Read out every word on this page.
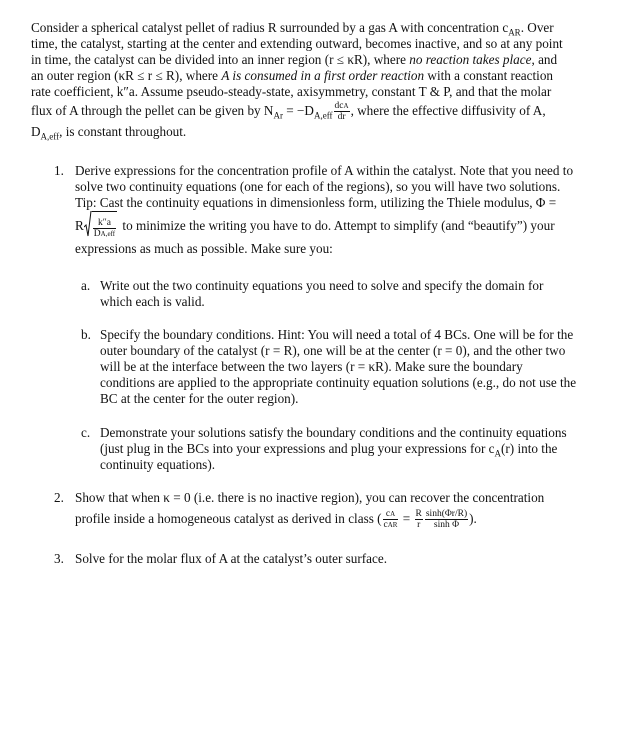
Consider a spherical catalyst pellet of radius R surrounded by a gas A with concentration $c_{AR}$. Over
time, the catalyst, starting at the center and extending outward, becomes inactive, and so at any point
in time, the catalyst can be divided into an inner region (r ≤ κR), where no reaction takes place, and
an outer region (κR ≤ r ≤ R), where A is consumed in a first order reaction with a constant reaction
rate coefficient, k″a. Assume pseudo-steady-state, axisymmetry, constant T & P, and that the molar
flux of A through the pellet can be given by $N_{Ar} = -D_{A,eff} \frac{\text{dcA}}{dr}$ , where the effective diffusivity of A,
$D_{A,eff}$, is constant throughout.
1. Derive expressions for the concentration profile of A within the catalyst. Note that you need to
solve two continuity equations (one for each of the regions), so you will have two solutions.
Tip: Cast the continuity equations in dimensionless form, utilizing the Thiele modulus, Φ =
R $\frac{k''a}{\text{DA,eff}}$ to minimize the writing you have to do. Attempt to simplify (and “beautify”) your
expressions as much as possible. Make sure you:
a. Write out the two continuity equations you need to solve and specify the domain for
which each is valid.
b. Specify the boundary conditions. Hint: You will need a total of 4 BCs. One will be for the
outer boundary of the catalyst (r = R), one will be at the center (r = 0), and the other two
will be at the interface between the two layers (r = κR). Make sure the boundary
conditions are applied to the appropriate continuity equation solutions (e.g., do not use the
BC at the center for the outer region).
c. Demonstrate your solutions satisfy the boundary conditions and the continuity equations
(just plug in the BCs into your expressions and plug your expressions for $c_A(r)$ into the
continuity equations).
2. Show that when κ = 0 (i.e. there is no inactive region), you can recover the concentration
profile inside a homogeneous catalyst as derived in class ( $\frac{cA}{\text{cAR}} = \frac{R}{r} \frac{\sinh(\Phi r/R)}{\text{sinh Φ}}$ ).
3. Solve for the molar flux of A at the catalyst’s outer surface.
